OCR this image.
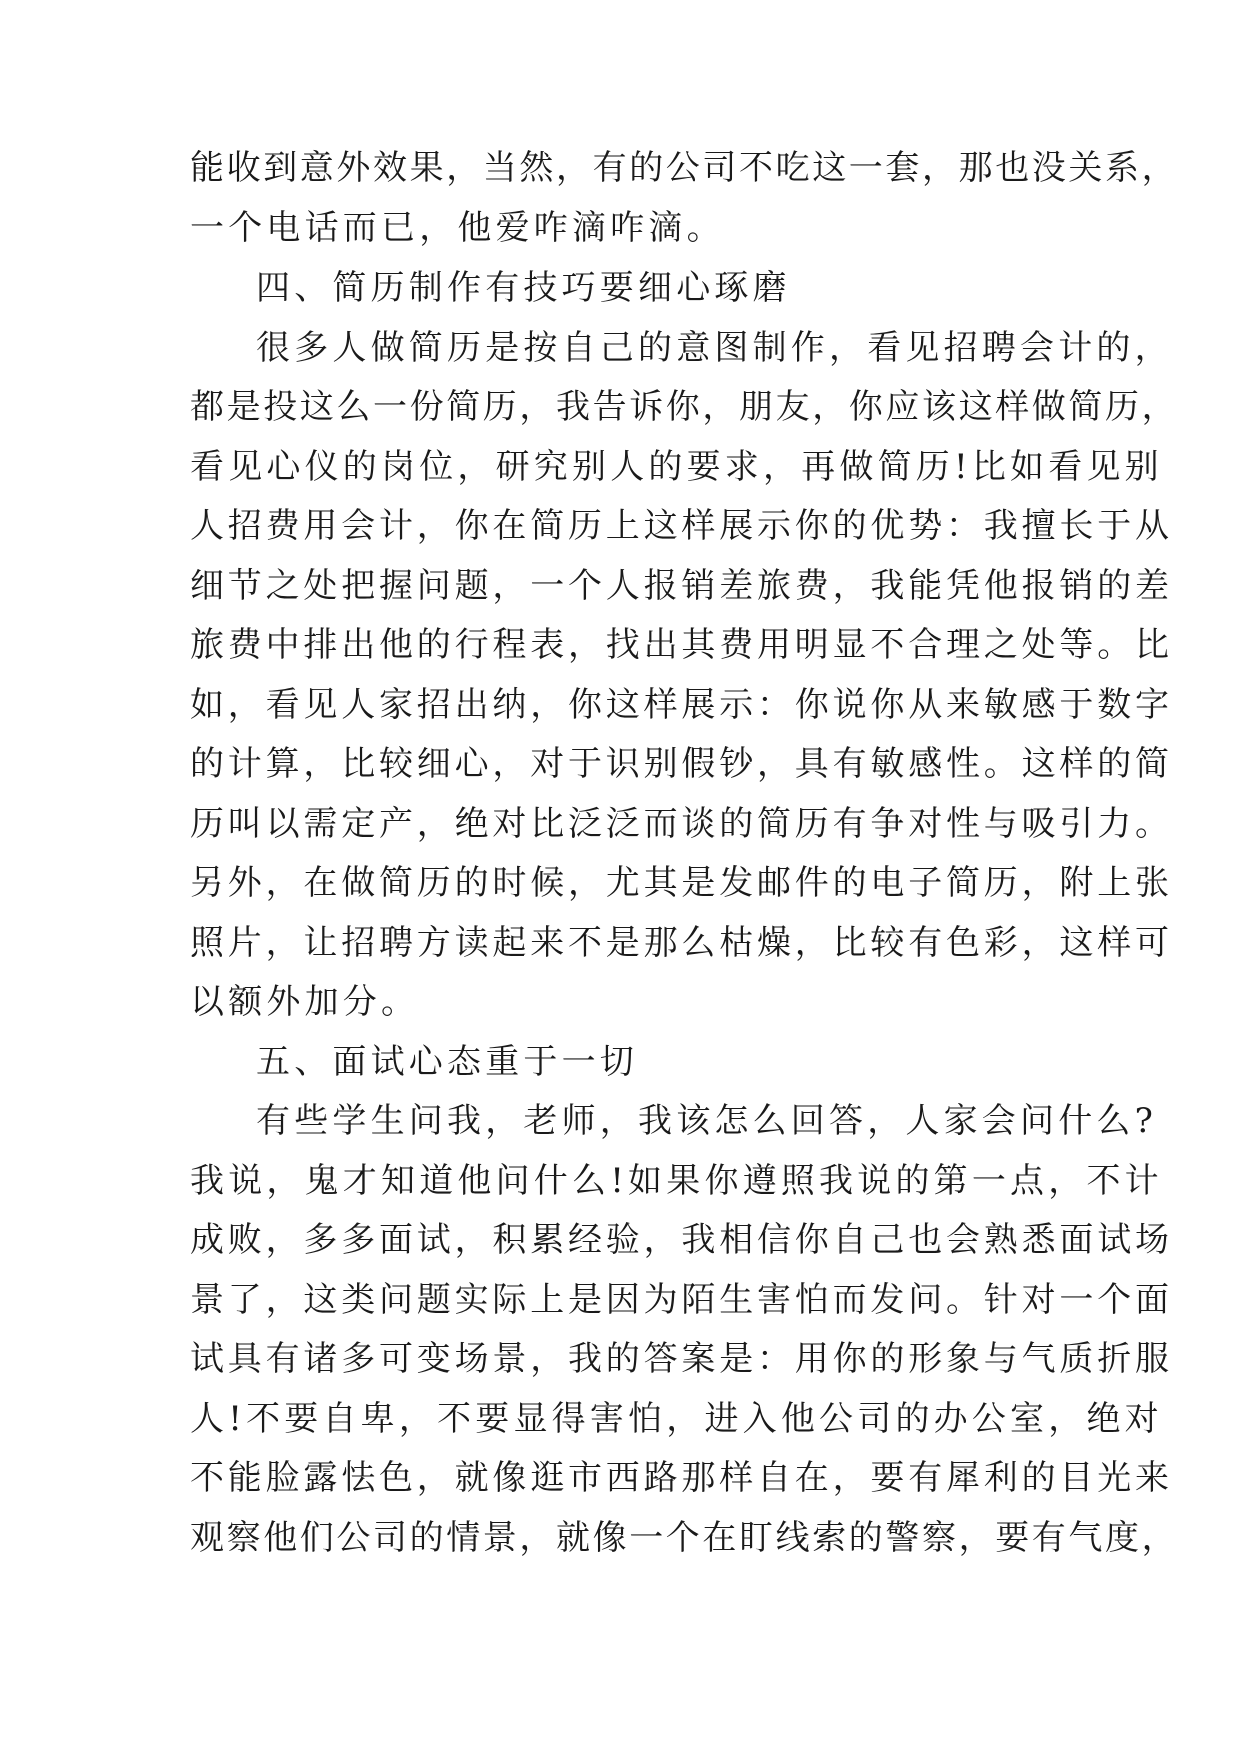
能收到意外效果，当然，有的公司不吃这一套，那也没关系，
一个电话而已，他爱咋滴咋滴。
四、简历制作有技巧要细心琢磨
很多人做简历是按自己的意图制作，看见招聘会计的，
都是投这么一份简历，我告诉你，朋友，你应该这样做简历，
看见心仪的岗位，研究别人的要求，再做简历!比如看见别
人招费用会计，你在简历上这样展示你的优势：我擅长于从
细节之处把握问题，一个人报销差旅费，我能凭他报销的差
旅费中排出他的行程表，找出其费用明显不合理之处等。比
如，看见人家招出纳，你这样展示：你说你从来敏感于数字
的计算，比较细心，对于识别假钞，具有敏感性。这样的简
历叫以需定产，绝对比泛泛而谈的简历有争对性与吸引力。
另外，在做简历的时候，尤其是发邮件的电子简历，附上张
照片，让招聘方读起来不是那么枯燥，比较有色彩，这样可
以额外加分。
五、面试心态重于一切
有些学生问我，老师，我该怎么回答，人家会问什么?
我说，鬼才知道他问什么!如果你遵照我说的第一点，不计
成败，多多面试，积累经验，我相信你自己也会熟悉面试场
景了，这类问题实际上是因为陌生害怕而发问。针对一个面
试具有诸多可变场景，我的答案是：用你的形象与气质折服
人!不要自卑，不要显得害怕，进入他公司的办公室，绝对
不能脸露怯色，就像逛市西路那样自在，要有犀利的目光来
观察他们公司的情景，就像一个在盯线索的警察，要有气度，
